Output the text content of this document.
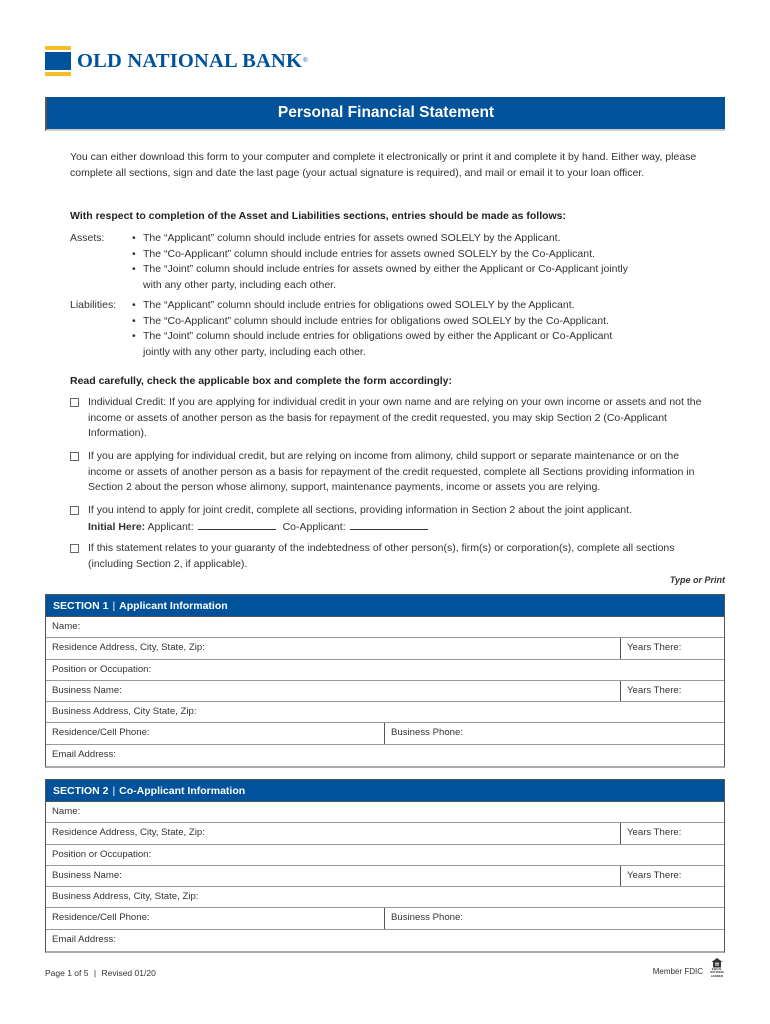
OLD NATIONAL BANK ®
Personal Financial Statement

You can either download this form to your computer and complete it electronically or print it and complete it by hand. Either way, please complete all sections, sign and date the last page (your actual signature is required), and mail or email it to your loan officer.

With respect to completion of the Asset and Liabilities sections, entries should be made as follows:
Assets:	• The “Applicant” column should include entries for assets owned SOLELY by the Applicant.
• The “Co-Applicant” column should include entries for assets owned SOLELY by the Co-Applicant.
• The “Joint” column should include entries for assets owned by either the Applicant or Co-Applicant jointly with any other party, including each other.
Liabilities:	• The “Applicant” column should include entries for obligations owed SOLELY by the Applicant.
• The “Co-Applicant” column should include entries for obligations owed SOLELY by the Co-Applicant.
• The “Joint” column should include entries for obligations owed by either the Applicant or Co-Applicant jointly with any other party, including each other.
Read carefully, check the applicable box and complete the form accordingly:
Individual Credit: If you are applying for individual credit in your own name and are relying on your own income or assets and not the income or assets of another person as the basis for repayment of the credit requested, you may skip Section 2 (Co-Applicant Information).
If you are applying for individual credit, but are relying on income from alimony, child support or separate maintenance or on the income or assets of another person as a basis for repayment of the credit requested, complete all Sections providing information in Section 2 about the person whose alimony, support, maintenance payments, income or assets you are relying.
If you intend to apply for joint credit, complete all sections, providing information in Section 2 about the joint applicant.
Initial Here: Applicant:	Co-Applicant:
If this statement relates to your guaranty of the indebtedness of other person(s), firm(s) or corporation(s), complete all sections (including Section 2, if applicable).
Type or Print
SECTION 1 | Applicant Information
Name:
Residence Address, City, State, Zip:	Years There:
Position or Occupation:
Business Name:	Years There:
Business Address, City State, Zip:
Residence/Cell Phone:	Business Phone:
Email Address:
SECTION 2 | Co-Applicant Information
Name:
Residence Address, City, State, Zip:	Years There:
Position or Occupation:
Business Name:	Years There:
Business Address, City, State, Zip:
Residence/Cell Phone:	Business Phone:
Email Address:
Page 1 of 5 | Revised 01/20	Member FDIC	EQUAL HOUSING LENDER
